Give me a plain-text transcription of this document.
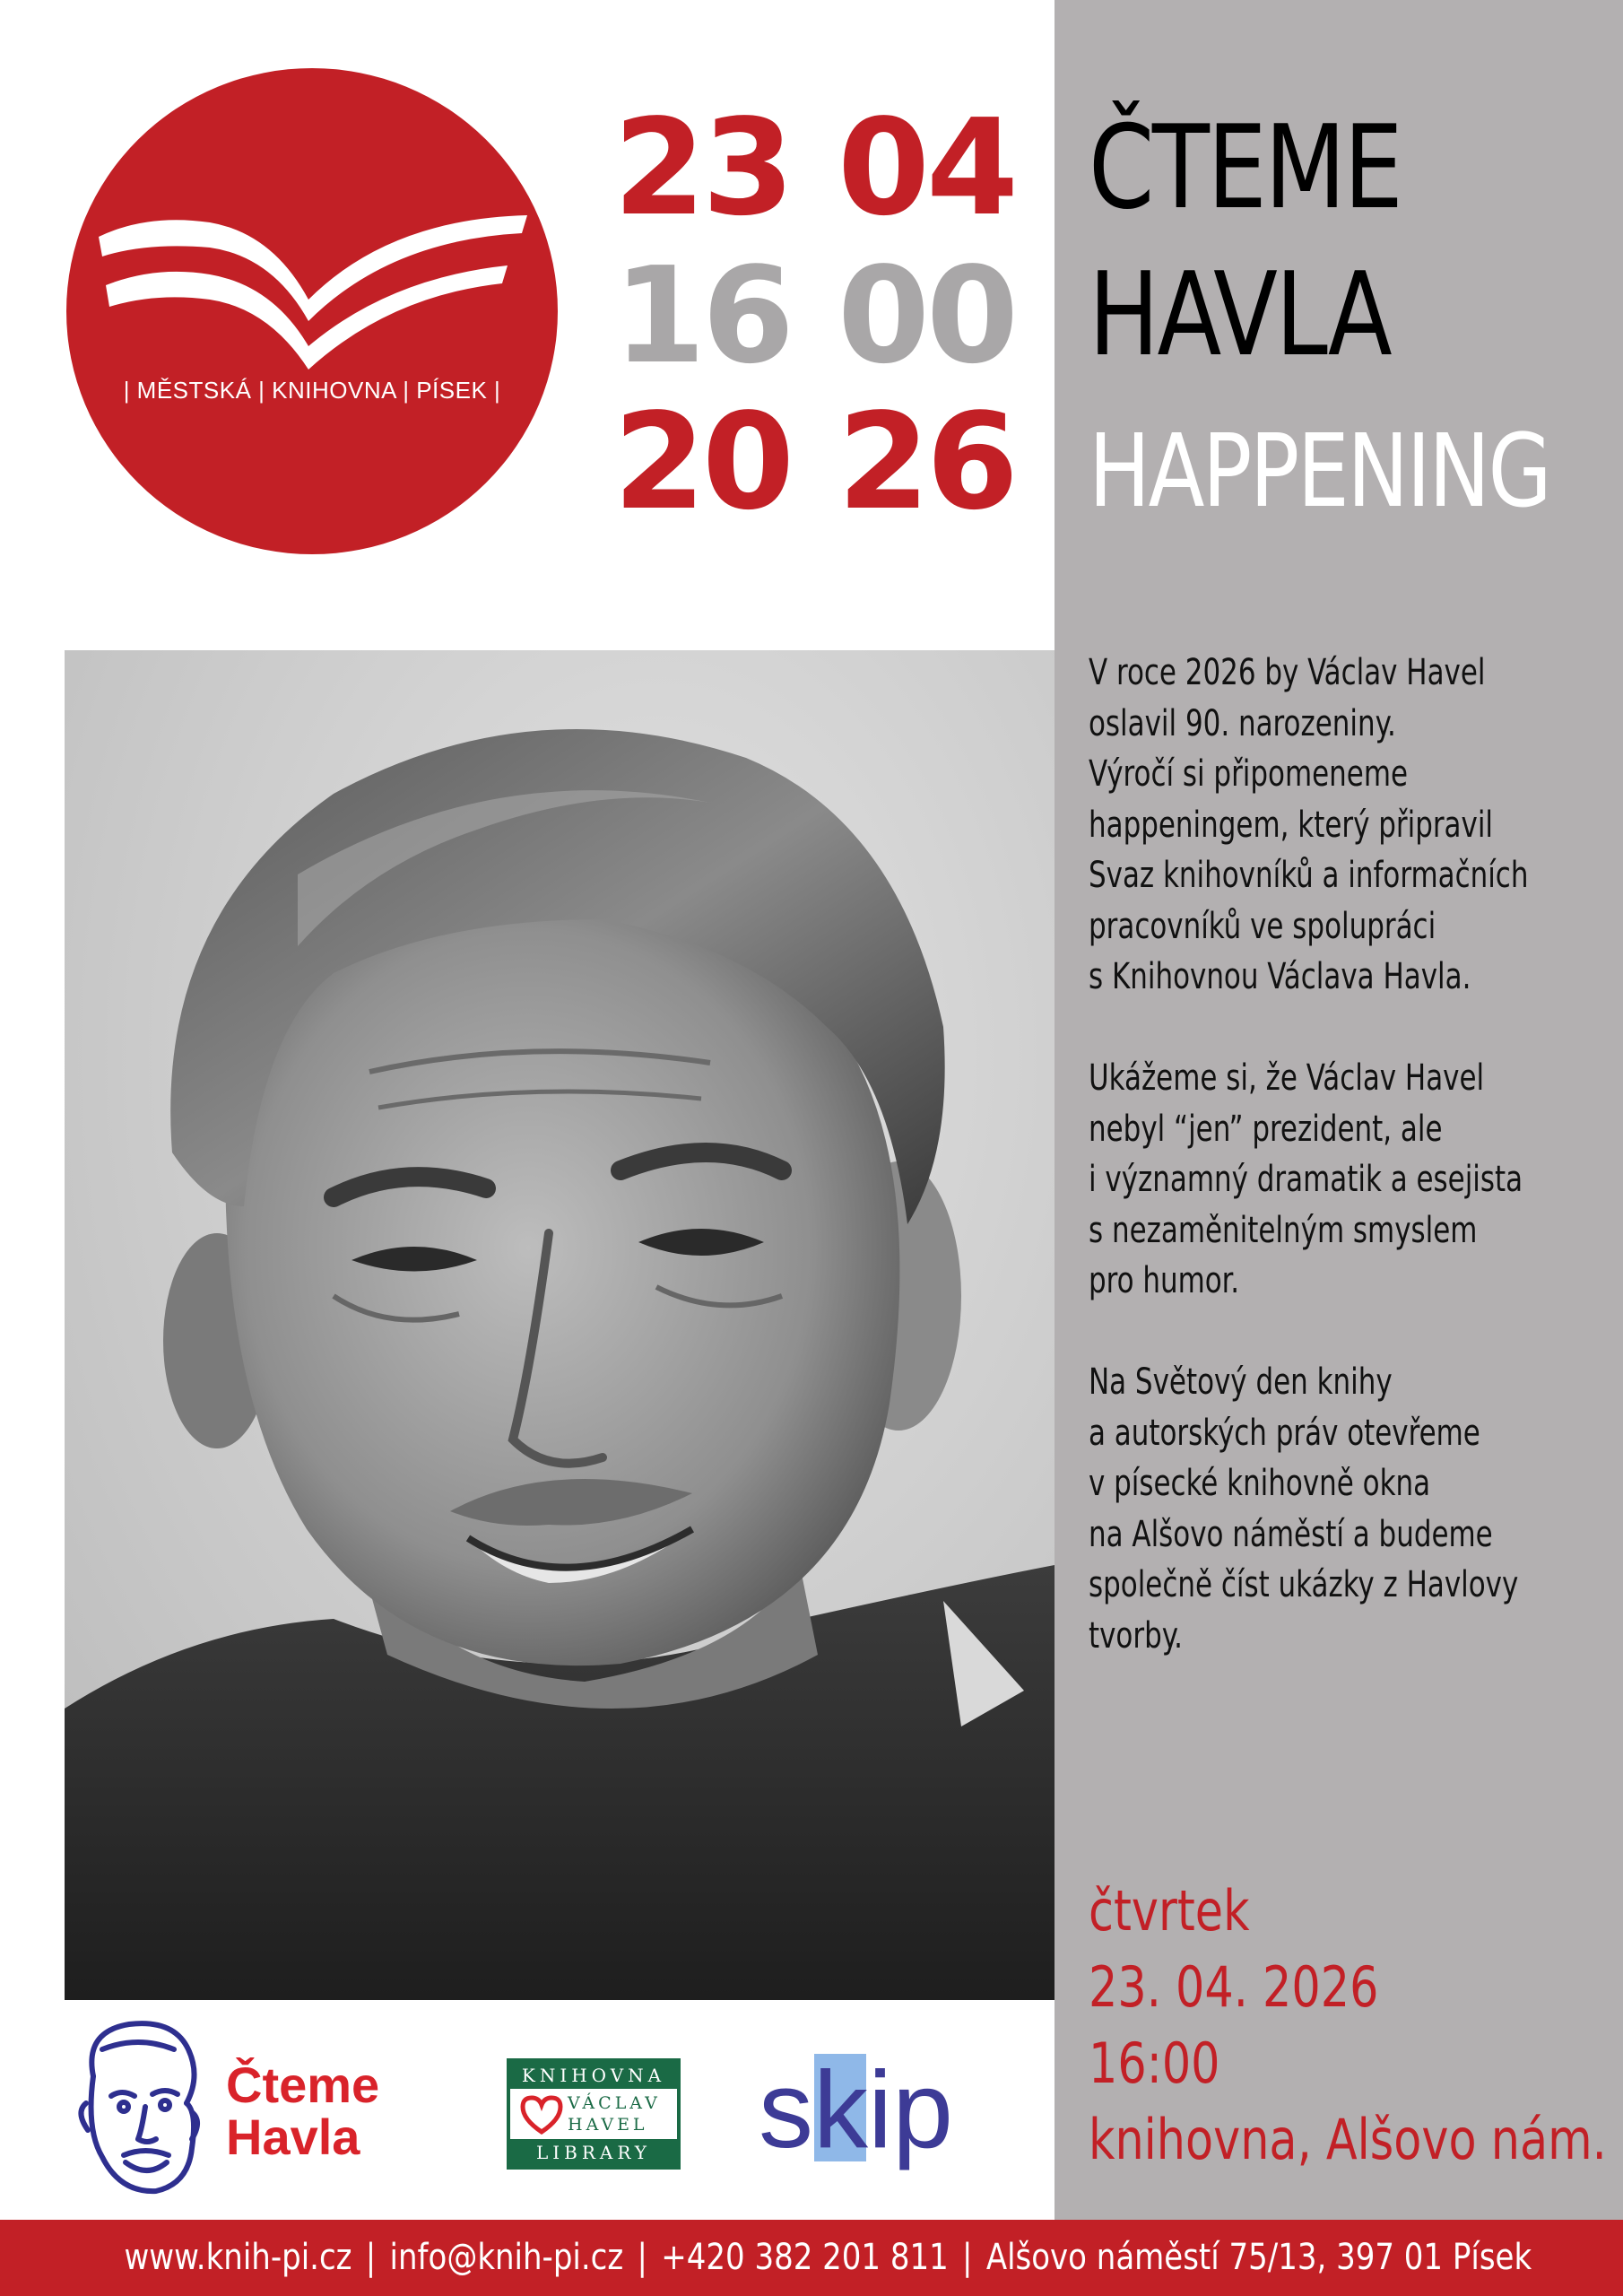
| MĚSTSKÁ | KNIHOVNA | PÍSEK |
23 04
16 00
20 26
ČTEME
HAVLA
HAPPENING

V roce 2026 by Václav Havel
oslavil 90. narozeniny.
Výročí si připomeneme
happeningem, který připravil
Svaz knihovníků a informačních
pracovníků ve spolupráci
s Knihovnou Václava Havla.

Ukážeme si, že Václav Havel
nebyl “jen” prezident, ale
i významný dramatik a esejista
s nezaměnitelným smyslem
pro humor.

Na Světový den knihy
a autorských práv otevřeme
v písecké knihovně okna
na Alšovo náměstí a budeme
společně číst ukázky z Havlovy
tvorby.

čtvrtek
23. 04. 2026
16:00
knihovna, Alšovo nám.
Čteme
Havla
KNIHOVNA
VÁCLAV
HAVEL
LIBRARY skip
www.knih-pi.cz | info@knih-pi.cz | +420 382 201 811 | Alšovo náměstí 75/13, 397 01 Písek
